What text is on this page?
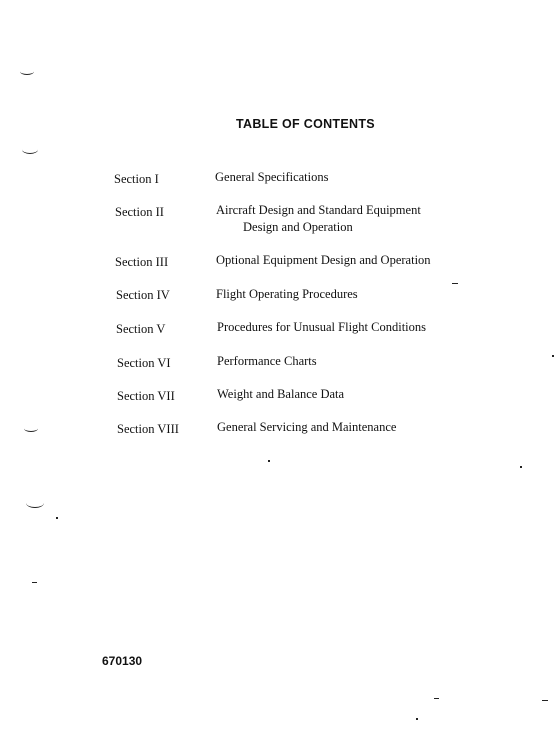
TABLE OF CONTENTS
Section I	General Specifications
Section II	Aircraft Design and Standard Equipment
Design and Operation
Section III	Optional Equipment Design and Operation
Section IV	Flight Operating Procedures
Section V	Procedures for Unusual Flight Conditions
Section VI	Performance Charts
Section VII	Weight and Balance Data
Section VIII	General Servicing and Maintenance
670130
